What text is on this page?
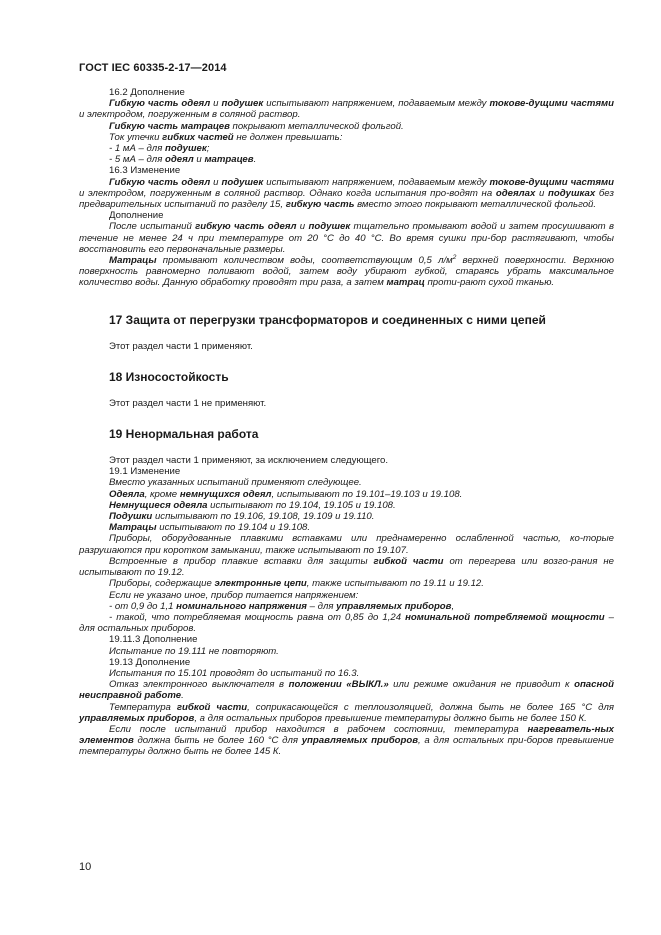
ГОСТ IEC 60335-2-17—2014

16.2 Дополнение

Гибкую часть одеял и подушек испытывают напряжением, подаваемым между токове-дущими частями и электродом, погруженным в соляной раствор.

Гибкую часть матрацев покрывают металлической фольгой.

Ток утечки гибких частей не должен превышать:

- 1 мА – для подушек;

- 5 мА – для одеял и матрацев.

16.3 Изменение

Гибкую часть одеял и подушек испытывают напряжением, подаваемым между токове-дущими частями и электродом, погруженным в соляной раствор. Однако когда испытания про-водят на одеялах и подушках без предварительных испытаний по разделу 15, гибкую часть вместо этого покрывают металлической фольгой.

Дополнение

После испытаний гибкую часть одеял и подушек тщательно промывают водой и затем просушивают в течение не менее 24 ч при температуре от 20 °С до 40 °С. Во время сушки при-бор растягивают, чтобы восстановить его первоначальные размеры.

Матрацы промывают количеством воды, соответствующим 0,5 $л/м^2$ верхней поверхности. Верхнюю поверхность равномерно поливают водой, затем воду убирают губкой, стараясь убрать максимальное количество воды. Данную обработку проводят три раза, а затем матрац проти-рают сухой тканью.

17 Защита от перегрузки трансформаторов и соединенных с ними цепей

Этот раздел части 1 применяют.

18 Износостойкость

Этот раздел части 1 не применяют.

19 Ненормальная работа

Этот раздел части 1 применяют, за исключением следующего.

19.1 Изменение

Вместо указанных испытаний применяют следующее.

Одеяла, кроме немнущихся одеял, испытывают по 19.101–19.103 и 19.108.

Немнущиеся одеяла испытывают по 19.104, 19.105 и 19.108.

Подушки испытывают по 19.106, 19.108, 19.109 и 19.110.

Матрацы испытывают по 19.104 и 19.108.

Приборы, оборудованные плавкими вставками или преднамеренно ослабленной частью, ко-торые разрушаются при коротком замыкании, также испытывают по 19.107.

Встроенные в прибор плавкие вставки для защиты гибкой части от перегрева или возго-рания не испытывают по 19.12.

Приборы, содержащие электронные цепи, также испытывают по 19.11 и 19.12.

Если не указано иное, прибор питается напряжением:

- от 0,9 до 1,1 номинального напряжения – для управляемых приборов,

- такой, что потребляемая мощность равна от 0,85 до 1,24 номинальной потребляемой мощности – для остальных приборов.

19.11.3 Дополнение

Испытание по 19.111 не повторяют.

19.13 Дополнение

Испытания по 15.101 проводят до испытаний по 16.3.

Отказ электронного выключателя в положении «ВЫКЛ.» или режиме ожидания не приводит к опасной неисправной работе.

Температура гибкой части, соприкасающейся с теплоизоляцией, должна быть не более 165 °С для управляемых приборов, а для остальных приборов превышение температуры должно быть не более 150 К.

Если после испытаний прибор находится в рабочем состоянии, температура нагреватель-ных элементов должна быть не более 160 °С для управляемых приборов, а для остальных при-боров превышение температуры должно быть не более 145 К.

10
